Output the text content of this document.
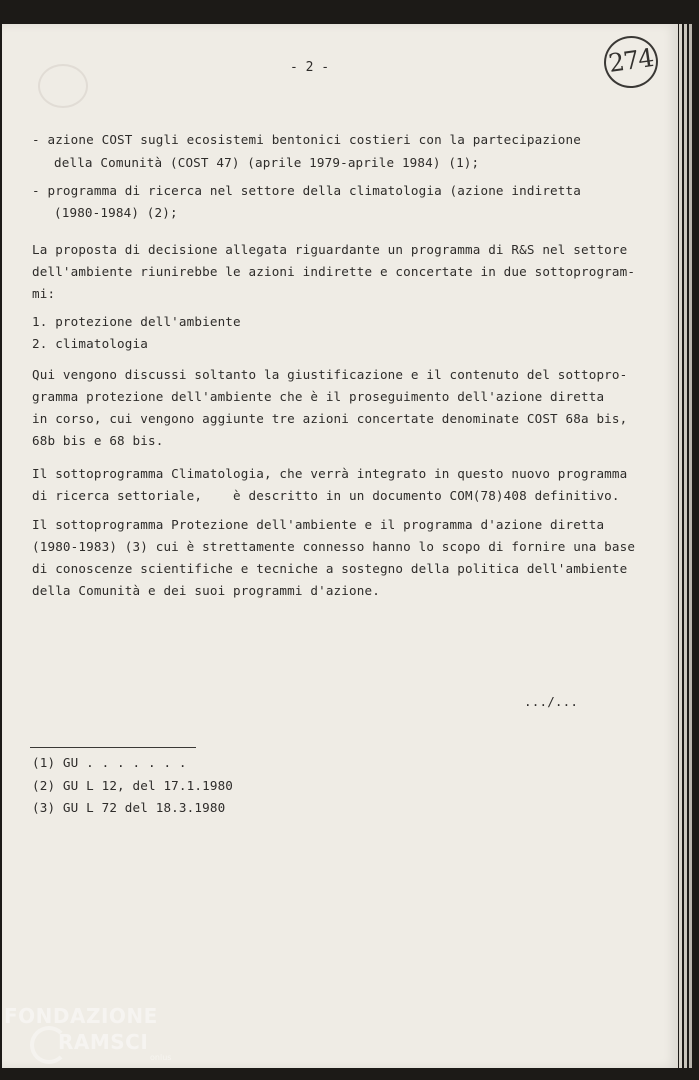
- 2 -	274
- azione COST sugli ecosistemi bentonici costieri con la partecipazione
della Comunità (COST 47) (aprile 1979-aprile 1984) (1);
- programma di ricerca nel settore della climatologia (azione indiretta
(1980-1984) (2);
La proposta di decisione allegata riguardante un programma di R&S nel settore
dell'ambiente riunirebbe le azioni indirette e concertate in due sottoprogram-
mi:
1. protezione dell'ambiente
2. climatologia
Qui vengono discussi soltanto la giustificazione e il contenuto del sottopro-
gramma protezione dell'ambiente che è il proseguimento dell'azione diretta
in corso, cui vengono aggiunte tre azioni concertate denominate COST 68a bis,
68b bis e 68 bis.
Il sottoprogramma Climatologia, che verrà integrato in questo nuovo programma
di ricerca settoriale,    è descritto in un documento COM(78)408 definitivo.
Il sottoprogramma Protezione dell'ambiente e il programma d'azione diretta
(1980-1983) (3) cui è strettamente connesso hanno lo scopo di fornire una base
di conoscenze scientifiche e tecniche a sostegno della politica dell'ambiente
della Comunità e dei suoi programmi d'azione.
.../...
(1) GU . . . . . . .
(2) GU L 12, del 17.1.1980
(3) GU L 72 del 18.3.1980
FONDAZIONE
RAMSCI
onlus
